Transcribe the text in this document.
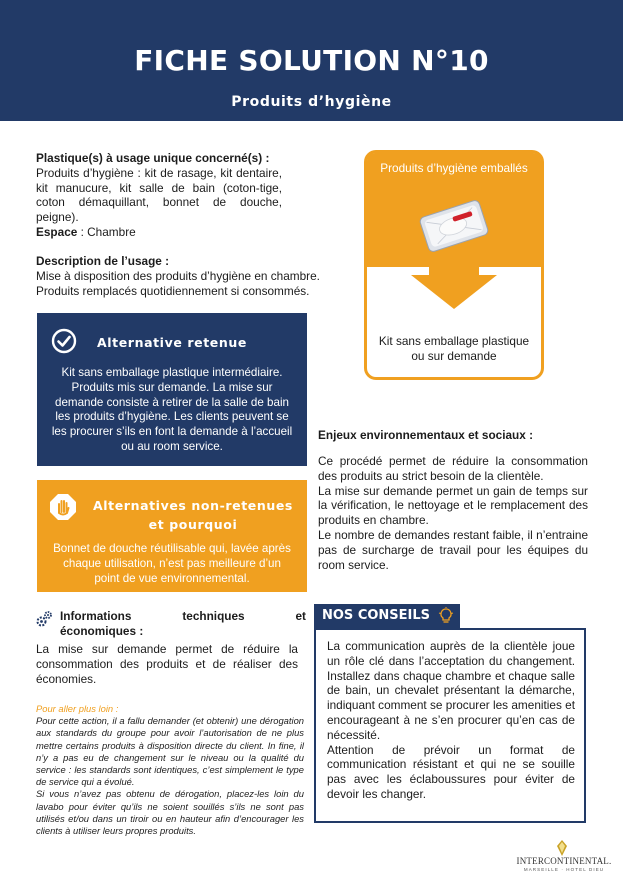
FICHE SOLUTION N°10
Produits d’hygiène
Plastique(s) à usage unique concerné(s) :
Produits d’hygiène : kit de rasage, kit dentaire, kit manucure, kit salle de bain (coton-tige, coton démaquillant, bonnet de douche, peigne).
Espace : Chambre
Description de l’usage :
Mise à disposition des produits d’hygiène en chambre. Produits remplacés quotidiennement si consommés.
Produits d’hygiène emballés
Kit sans emballage plastique ou sur demande
Alternative retenue
Kit sans emballage plastique intermédiaire. Produits mis sur demande. La mise sur demande consiste à retirer de la salle de bain les produits d’hygiène. Les clients peuvent se les procurer s’ils en font la demande à l’accueil ou au room service.
Alternatives non-retenues et pourquoi
Bonnet de douche réutilisable qui, lavée après chaque utilisation, n’est pas meilleure d’un point de vue environnemental.
Informations techniques et
économiques :
La mise sur demande permet de réduire la consommation des produits et de réaliser des économies.
Pour aller plus loin :
Pour cette action, il a fallu demander (et obtenir) une dérogation aux standards du groupe pour avoir l’autorisation de ne plus mettre certains produits à disposition directe du client. In fine, il n’y a pas eu de changement sur le niveau ou la qualité du service : les standards sont identiques, c’est simplement le type de service qui a évolué.
Si vous n’avez pas obtenu de dérogation, placez-les loin du lavabo pour éviter qu’ils ne soient souillés s’ils ne sont pas utilisés et/ou dans un tiroir ou en hauteur afin d’encourager les clients à utiliser leurs propres produits.
Enjeux environnementaux et sociaux :
Ce procédé permet de réduire la consommation des produits au strict besoin de la clientèle.
La mise sur demande permet un gain de temps sur la vérification, le nettoyage et le remplacement des produits en chambre.
Le nombre de demandes restant faible, il n’entraine pas de surcharge de travail pour les équipes du room service.
NOS CONSEILS
La communication auprès de la clientèle joue un rôle clé dans l’acceptation du changement. Installez dans chaque chambre et chaque salle de bain, un chevalet présentant la démarche, indiquant comment se procurer les amenities et encourageant à ne s’en procurer qu’en cas de nécessité.
Attention de prévoir un format de communication résistant et qui ne se souille pas avec les éclaboussures pour éviter de devoir les changer.
INTERCONTINENTAL.
MARSEILLE · HOTEL DIEU
